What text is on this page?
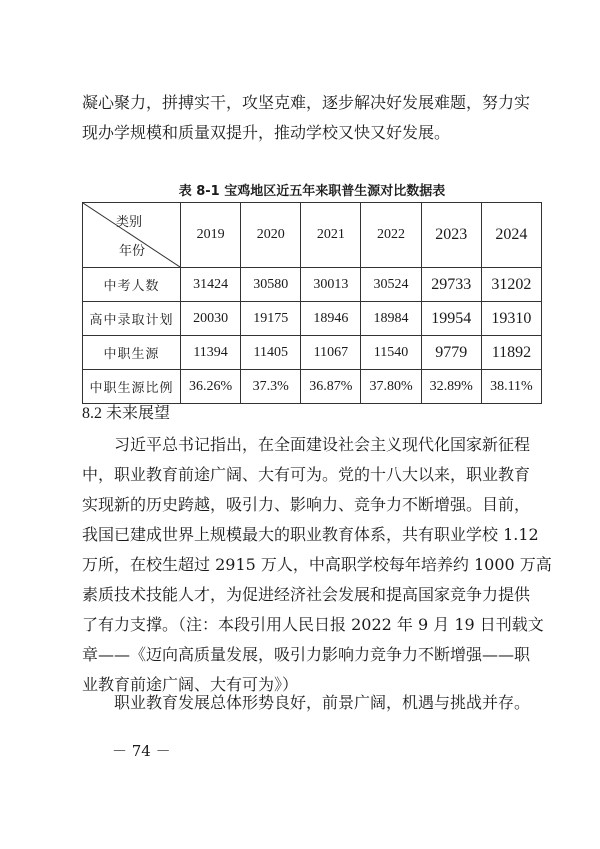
凝心聚力，拼搏实干，攻坚克难，逐步解决好发展难题，努力实
现办学规模和质量双提升，推动学校又快又好发展。

表 8-1 宝鸡地区近五年来职普生源对比数据表
类别
年份	2019	2020	2021	2022	2023	2024
中考人数	31424	30580	30013	30524	29733	31202
高中录取计划	20030	19175	18946	18984	19954	19310
中职生源	11394	11405	11067	11540	9779	11892
中职生源比例	36.26%	37.3%	36.87%	37.80%	32.89%	38.11%
8.2 未来展望

习近平总书记指出，在全面建设社会主义现代化国家新征程
中，职业教育前途广阔、大有可为。党的十八大以来，职业教育
实现新的历史跨越，吸引力、影响力、竞争力不断增强。目前，
我国已建成世界上规模最大的职业教育体系，共有职业学校 1.12
万所，在校生超过 2915 万人，中高职学校每年培养约 1000 万高
素质技术技能人才，为促进经济社会发展和提高国家竞争力提供
了有力支撑。（注：本段引用人民日报 2022 年 9 月 19 日刊载文
章——《迈向高质量发展，吸引力影响力竞争力不断增强——职
业教育前途广阔、大有可为》）

职业教育发展总体形势良好，前景广阔，机遇与挑战并存。

－ 74 －
